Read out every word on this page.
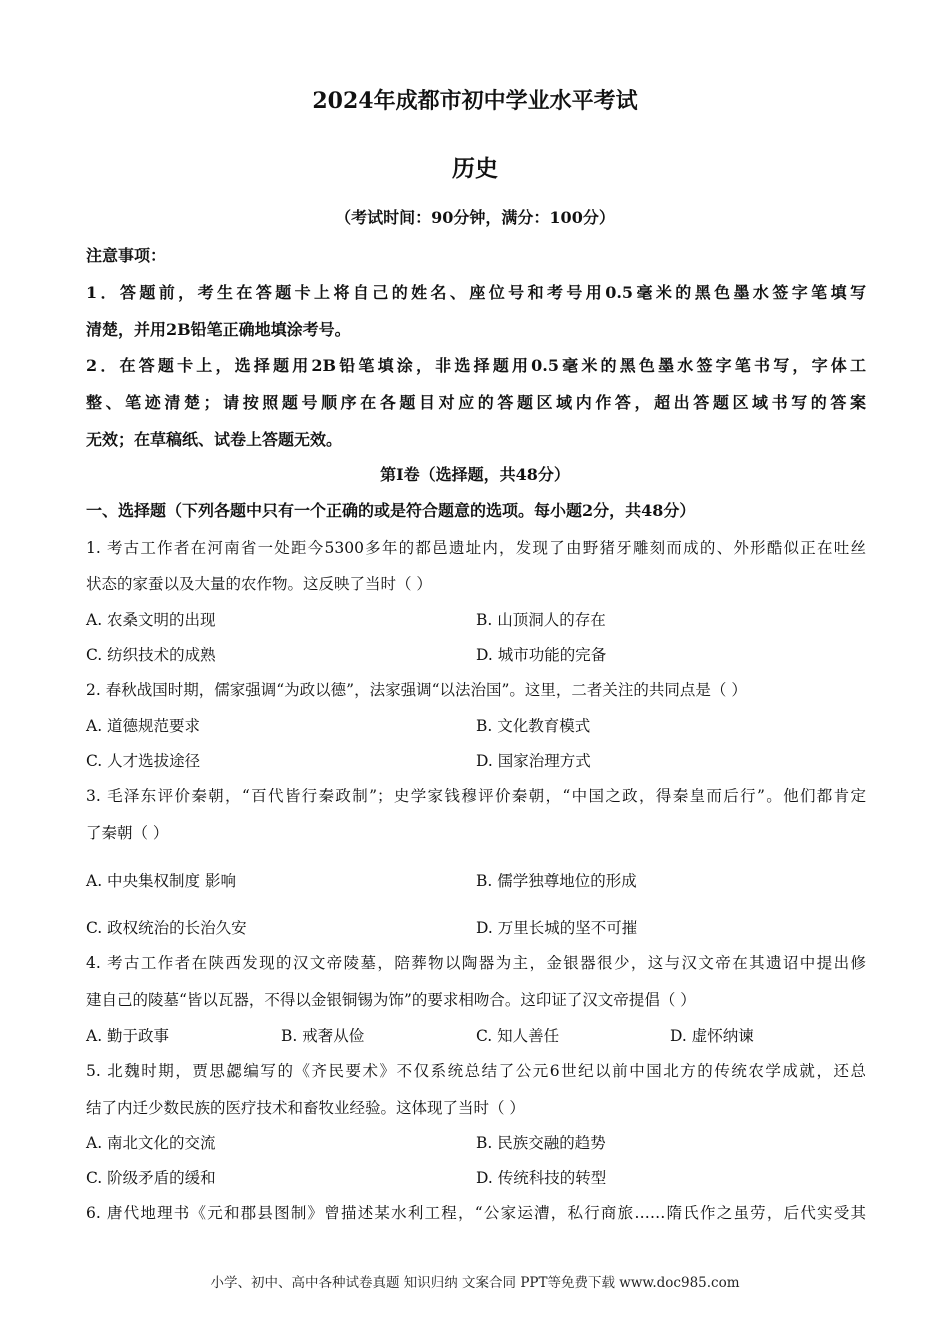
2024年成都市初中学业水平考试
历史
（考试时间：90分钟，满分：100分）
注意事项：
1．答题前，考生在答题卡上将自己的姓名、座位号和考号用0.5毫米的黑色墨水签字笔填写
清楚，并用2B铅笔正确地填涂考号。
2．在答题卡上，选择题用2B铅笔填涂，非选择题用0.5毫米的黑色墨水签字笔书写，字体工
整、笔迹清楚；请按照题号顺序在各题目对应的答题区域内作答，超出答题区域书写的答案
无效；在草稿纸、试卷上答题无效。
第Ⅰ卷（选择题，共48分）
一、选择题（下列各题中只有一个正确的或是符合题意的选项。每小题2分，共48分）
1. 考古工作者在河南省一处距今5300多年的都邑遗址内，发现了由野猪牙雕刻而成的、外形酷似正在吐丝
状态的家蚕以及大量的农作物。这反映了当时（ ）
A. 农桑文明的出现	B. 山顶洞人的存在
C. 纺织技术的成熟	D. 城市功能的完备
2. 春秋战国时期，儒家强调“为政以德”，法家强调“以法治国”。这里，二者关注的共同点是（ ）
A. 道德规范要求	B. 文化教育模式
C. 人才选拔途径	D. 国家治理方式
3. 毛泽东评价秦朝，“百代皆行秦政制”；史学家钱穆评价秦朝，“中国之政，得秦皇而后行”。他们都肯定
了秦朝（ ）
A. 中央集权制度 影响	B. 儒学独尊地位的形成
C. 政权统治的长治久安	D. 万里长城的坚不可摧
4. 考古工作者在陕西发现的汉文帝陵墓，陪葬物以陶器为主，金银器很少，这与汉文帝在其遗诏中提出修
建自己的陵墓“皆以瓦器，不得以金银铜锡为饰”的要求相吻合。这印证了汉文帝提倡（ ）
A. 勤于政事	B. 戒奢从俭	C. 知人善任	D. 虚怀纳谏
5. 北魏时期，贾思勰编写的《齐民要术》不仅系统总结了公元6世纪以前中国北方的传统农学成就，还总
结了内迁少数民族的医疗技术和畜牧业经验。这体现了当时（ ）
A. 南北文化的交流	B. 民族交融的趋势
C. 阶级矛盾的缓和	D. 传统科技的转型
6. 唐代地理书《元和郡县图制》曾描述某水利工程，“公家运漕，私行商旅……隋氏作之虽劳，后代实受其
小学、初中、高中各种试卷真题 知识归纳 文案合同 PPT等免费下载 www.doc985.com
